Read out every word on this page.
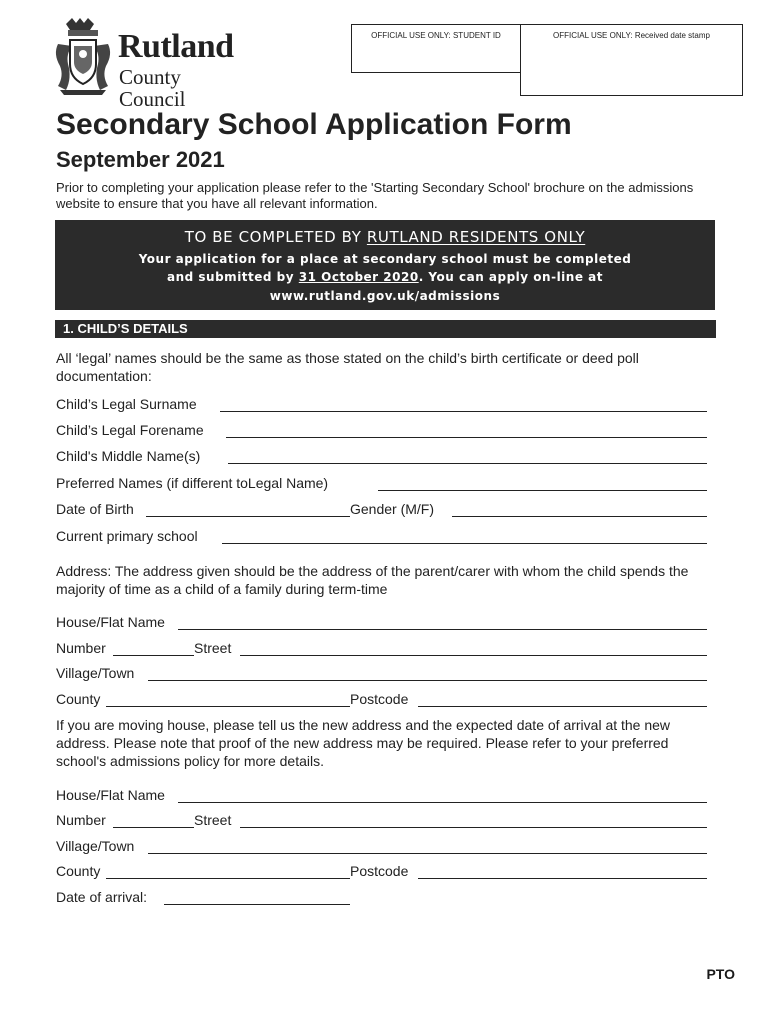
Rutland
County Council
OFFICIAL USE ONLY: STUDENT ID	OFFICIAL USE ONLY: Received date stamp
Secondary School Application Form
September 2021
Prior to completing your application please refer to the 'Starting Secondary School' brochure on the admissions website to ensure that you have all relevant information.
TO BE COMPLETED BY RUTLAND RESIDENTS ONLY
Your application for a place at secondary school must be completed
and submitted by 31 October 2020. You can apply on-line at
www.rutland.gov.uk/admissions
1. CHILD’S DETAILS
All ‘legal’ names should be the same as those stated on the child’s birth certificate or deed poll documentation:
Child’s Legal Surname
Child’s Legal Forename
Child's Middle Name(s)
Preferred Names (if different toLegal Name)
Date of Birth	Gender (M/F)
Current primary school
Address: The address given should be the address of the parent/carer with whom the child spends the majority of time as a child of a family during term-time
House/Flat Name
Number	Street
Village/Town
County	Postcode
If you are moving house, please tell us the new address and the expected date of arrival at the new address. Please note that proof of the new address may be required. Please refer to your preferred school's admissions policy for more details.
House/Flat Name
Number	Street
Village/Town
County	Postcode
Date of arrival:
PTO
